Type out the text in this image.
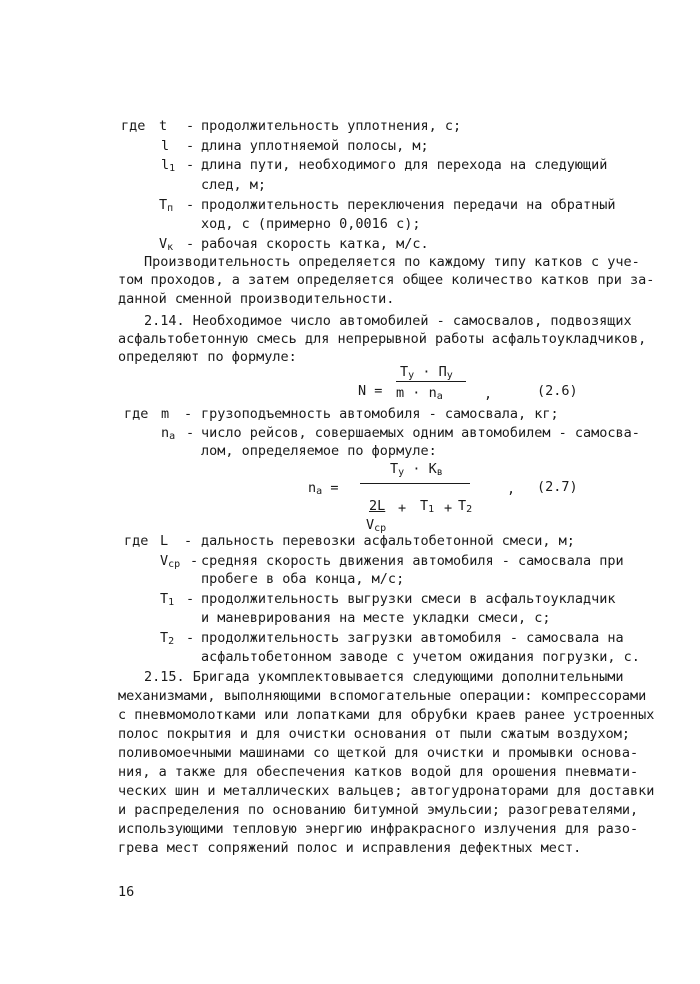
где t - продолжительность уплотнения, с;
l - длина уплотняемой полосы, м;
$l_1$ - длина пути, необходимого для перехода на следующий
след, м;
$T_п$ - продолжительность переключения передачи на обратный
ход, с (примерно 0,0016 с);
$V_к$ - рабочая скорость катка, м/с.
Производительность определяется по каждому типу катков с уче-
том проходов, а затем определяется общее количество катков при за-
данной сменной производительности.
2.14. Необходимое число автомобилей - самосвалов, подвозящих
асфальтобетонную смесь для непрерывной работы асфальтоукладчиков,
определяют по формуле:
N =
$T_у \cdot П_у$
$m \cdot n_а$	,	(2.6)
где m - грузоподъемность автомобиля - самосвала, кг;
$n_а$ - число рейсов, совершаемых одним автомобилем - самосва-
лом, определяемое по формуле:
$n_а$ =
$T_у \cdot K_в$
2L
$V_{ср}$
+ $T_1 + T_2$
, (2.7)
где L - дальность перевозки асфальтобетонной смеси, м;
$V_{ср}$ - средняя скорость движения автомобиля - самосвала при
пробеге в оба конца, м/с;
$T_1$ - продолжительность выгрузки смеси в асфальтоукладчик
и маневрирования на месте укладки смеси, с;
$T_2$ - продолжительность загрузки автомобиля - самосвала на
асфальтобетонном заводе с учетом ожидания погрузки, с.
2.15. Бригада укомплектовывается следующими дополнительными
механизмами, выполняющими вспомогательные операции: компрессорами
с пневмомолотками или лопатками для обрубки краев ранее устроенных
полос покрытия и для очистки основания от пыли сжатым воздухом;
поливомоечными машинами со щеткой для очистки и промывки основа-
ния, а также для обеспечения катков водой для орошения пневмати-
ческих шин и металлических вальцев; автогудронаторами для доставки
и распределения по основанию битумной эмульсии; разогревателями,
использующими тепловую энергию инфракрасного излучения для разо-
грева мест сопряжений полос и исправления дефектных мест.
16
